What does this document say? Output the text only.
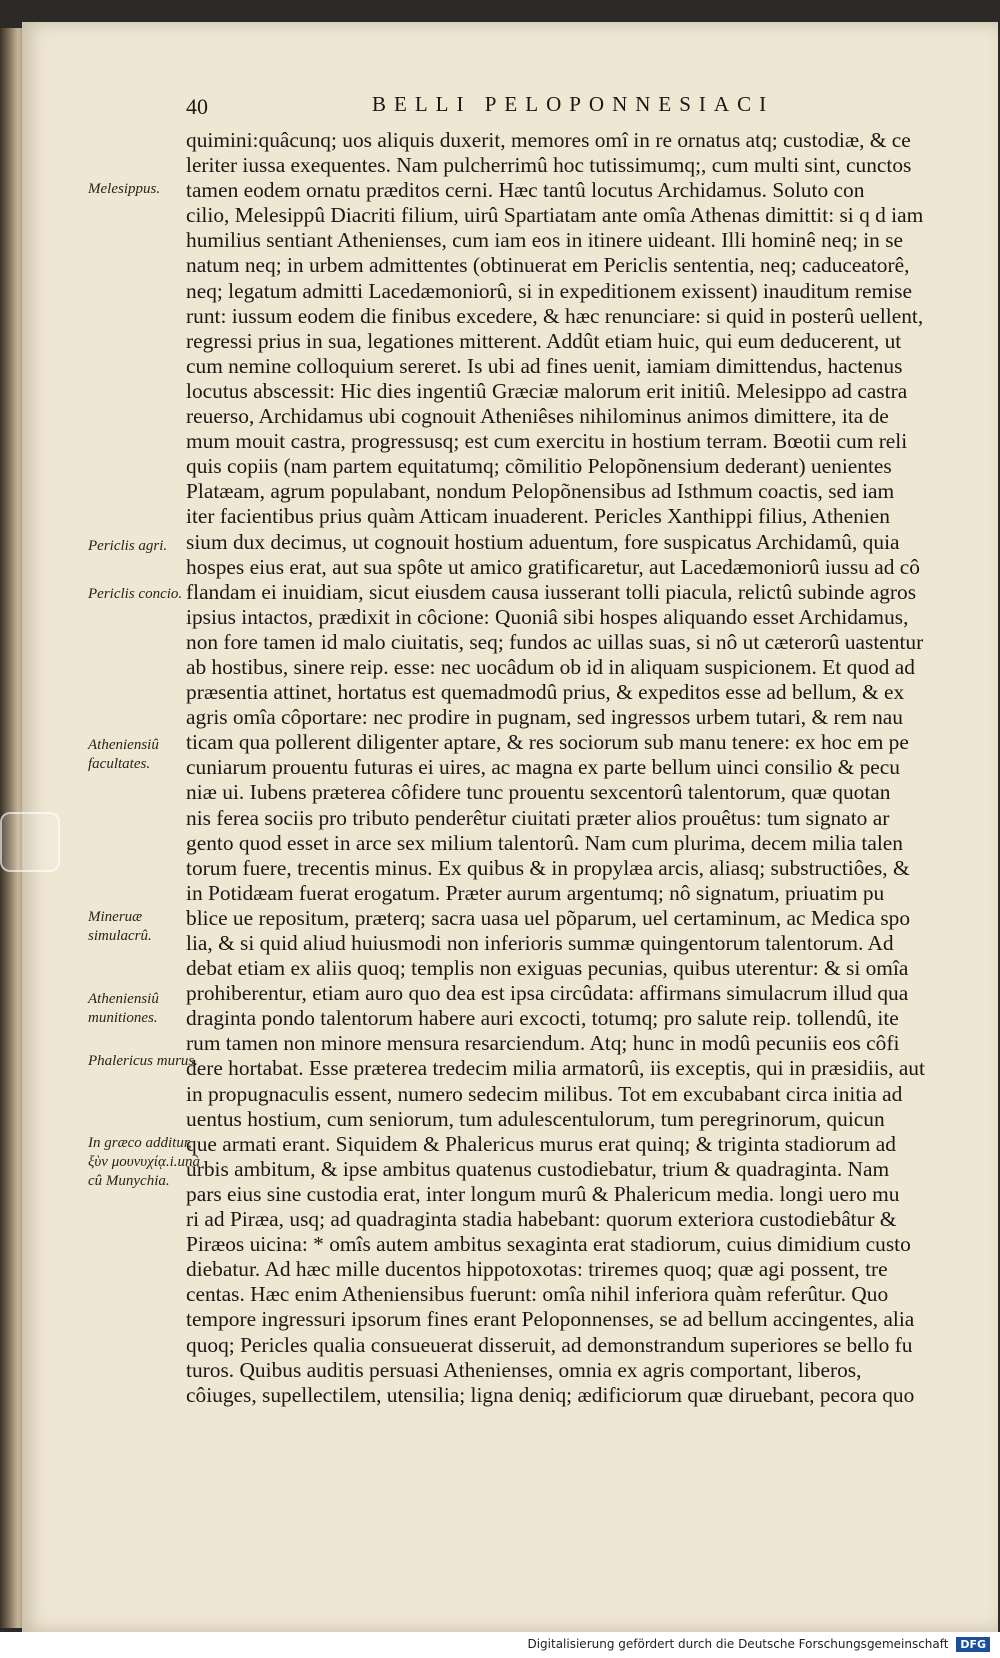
40	BELLI PELOPONNESIACI
quimini:quâcunq; uos aliquis duxerit, memores omî in re ornatus atq; custodiæ, & ce
leriter iussa exequentes. Nam pulcherrimû hoc tutissimumq;, cum multi sint, cunctos
tamen eodem ornatu præditos cerni. Hæc tantû locutus Archidamus. Soluto con
cilio, Melesippû Diacriti filium, uirû Spartiatam ante omîa Athenas dimittit: si q d iam
humilius sentiant Athenienses, cum iam eos in itinere uideant. Illi hominê neq; in se
natum neq; in urbem admittentes (obtinuerat em Periclis sententia, neq; caduceatorê,
neq; legatum admitti Lacedæmoniorû, si in expeditionem exissent) inauditum remise
runt: iussum eodem die finibus excedere, & hæc renunciare: si quid in posterû uellent,
regressi prius in sua, legationes mitterent. Addût etiam huic, qui eum deducerent, ut
cum nemine colloquium sereret. Is ubi ad fines uenit, iamiam dimittendus, hactenus
locutus abscessit: Hic dies ingentiû Græciæ malorum erit initiû. Melesippo ad castra
reuerso, Archidamus ubi cognouit Atheniêses nihilominus animos dimittere, ita de
mum mouit castra, progressusq; est cum exercitu in hostium terram. Bœotii cum reli
quis copiis (nam partem equitatumq; cõmilitio Pelopõnensium dederant) uenientes
Platæam, agrum populabant, nondum Pelopõnensibus ad Isthmum coactis, sed iam
iter facientibus prius quàm Atticam inuaderent. Pericles Xanthippi filius, Athenien
sium dux decimus, ut cognouit hostium aduentum, fore suspicatus Archidamû, quia
hospes eius erat, aut sua spôte ut amico gratificaretur, aut Lacedæmoniorû iussu ad cô
flandam ei inuidiam, sicut eiusdem causa iusserant tolli piacula, relictû subinde agros
ipsius intactos, prædixit in côcione: Quoniâ sibi hospes aliquando esset Archidamus,
non fore tamen id malo ciuitatis, seq; fundos ac uillas suas, si nô ut cæterorû uastentur
ab hostibus, sinere reip. esse: nec uocâdum ob id in aliquam suspicionem. Et quod ad
præsentia attinet, hortatus est quemadmodû prius, & expeditos esse ad bellum, & ex
agris omîa côportare: nec prodire in pugnam, sed ingressos urbem tutari, & rem nau
ticam qua pollerent diligenter aptare, & res sociorum sub manu tenere: ex hoc em pe
cuniarum prouentu futuras ei uires, ac magna ex parte bellum uinci consilio & pecu
niæ ui. Iubens præterea côfidere tunc prouentu sexcentorû talentorum, quæ quotan
nis ferea sociis pro tributo penderêtur ciuitati præter alios prouêtus: tum signato ar
gento quod esset in arce sex milium talentorû. Nam cum plurima, decem milia talen
torum fuere, trecentis minus. Ex quibus & in propylæa arcis, aliasq; substructiôes, &
in Potidæam fuerat erogatum. Præter aurum argentumq; nô signatum, priuatim pu
blice ue repositum, præterq; sacra uasa uel põparum, uel certaminum, ac Medica spo
lia, & si quid aliud huiusmodi non inferioris summæ quingentorum talentorum. Ad
debat etiam ex aliis quoq; templis non exiguas pecunias, quibus uterentur: & si omîa
prohiberentur, etiam auro quo dea est ipsa circûdata: affirmans simulacrum illud qua
draginta pondo talentorum habere auri excocti, totumq; pro salute reip. tollendû, ite
rum tamen non minore mensura resarciendum. Atq; hunc in modû pecuniis eos côfi
dere hortabat. Esse præterea tredecim milia armatorû, iis exceptis, qui in præsidiis, aut
in propugnaculis essent, numero sedecim milibus. Tot em excubabant circa initia ad
uentus hostium, cum seniorum, tum adulescentulorum, tum peregrinorum, quicun
que armati erant. Siquidem & Phalericus murus erat quinq; & triginta stadiorum ad
urbis ambitum, & ipse ambitus quatenus custodiebatur, trium & quadraginta. Nam
pars eius sine custodia erat, inter longum murû & Phalericum media. longi uero mu
ri ad Piræa, usq; ad quadraginta stadia habebant: quorum exteriora custodiebâtur &
Piræos uicina: * omîs autem ambitus sexaginta erat stadiorum, cuius dimidium custo
diebatur. Ad hæc mille ducentos hippotoxotas: triremes quoq; quæ agi possent, tre
centas. Hæc enim Atheniensibus fuerunt: omîa nihil inferiora quàm referûtur. Quo
tempore ingressuri ipsorum fines erant Peloponnenses, se ad bellum accingentes, alia
quoq; Pericles qualia consueuerat disseruit, ad demonstrandum superiores se bello fu
turos. Quibus auditis persuasi Athenienses, omnia ex agris comportant, liberos,
côiuges, supellectilem, utensilia; ligna deniq; ædificiorum quæ diruebant, pecora quo
Melesippus.
Periclis agri.
Periclis concio.
Atheniensiû facultates.
Mineruæ simulacrû.
Atheniensiû munitiones.
Phalericus murus.
In græco additur, ξὺν μουνυχίᾳ.i.unà cû Munychia.
Digitalisierung gefördert durch die Deutsche Forschungsgemeinschaft DFG
